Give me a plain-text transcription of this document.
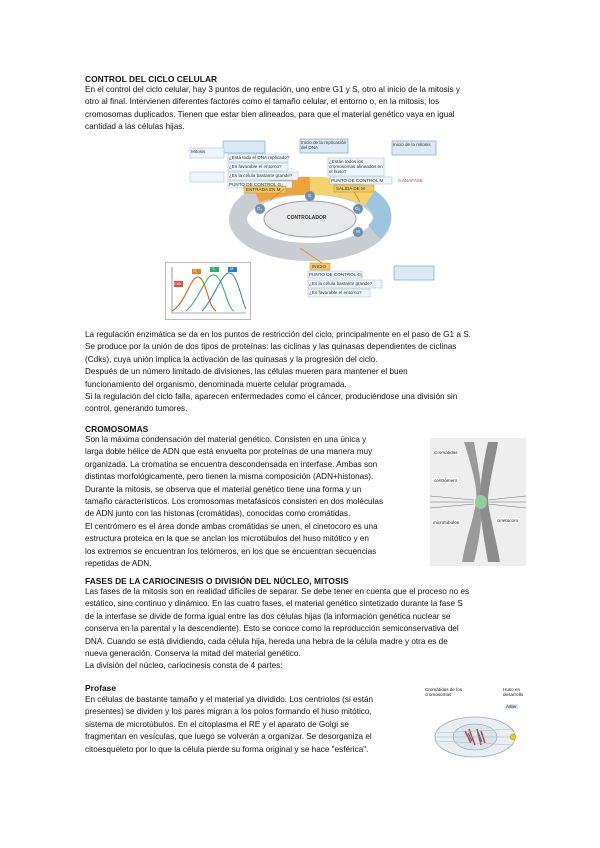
CONTROL DEL CICLO CELULAR
En el control del ciclo celular, hay 3 puntos de regulación, uno entre G1 y S, otro al inicio de la mitosis y
otro al final. Intervienen diferentes factores como el tamaño celular, el entorno o, en la mitosis, los
cromosomas duplicados. Tienen que estar bien alineados, para que el material genético vaya en igual
cantidad a las células hijas.
Mitosis
Inicio de la replicación del DNA
Inicio de la mitosis
¿Está todo el DNA replicado?
¿Es favorable el entorno?
¿Es la célula bastante grande?
¿Están todos los cromosomas alineados en el huso?
PUNTO DE CONTROL G₂
PUNTO DE CONTROL M	A ANAFASE
ENTRADA EN M	SALIDA DE M
CONTROLADOR
G₁
S
G₂
M
INICIO
PUNTO DE CONTROL G₁
¿Es la célula bastante grande?
¿Es favorable el entorno?
Cdk
G₁	S	M
La regulación enzimática se da en los puntos de restricción del ciclo, principalmente en el paso de G1 a S.
Se produce por la unión de dos tipos de proteínas: las ciclinas y las quinasas dependientes de ciclinas
(Cdks), cuya unión implica la activación de las quinasas y la progresión del ciclo.
Después de un número limitado de divisiones, las células mueren para mantener el buen
funcionamiento del organismo, denominada muerte celular programada.
Si la regulación del ciclo falla, aparecen enfermedades como el cáncer, produciéndose una división sin
control, generando tumores.
CROMOSOMAS
Son la máxima condensación del material genético. Consisten en una única y
larga doble hélice de ADN que está envuelta por proteínas de una manera muy
organizada. La cromatina se encuentra descondensada en interfase. Ambas son
distintas morfológicamente, pero tienen la misma composición (ADN+histonas).
Durante la mitosis, se observa que el material genético tiene una forma y un
tamaño característicos. Los cromosomas metafásicos consisten en dos moléculas
de ADN junto con las histonas (cromátidas), conocidas como cromátidas.
El centrómero es el área donde ambas cromátidas se unen, el cinetocoro es una
estructura proteica en la que se anclan los microtúbulos del huso mitótico y en
los extremos se encuentran los telómeros, en los que se encuentran secuencias
repetidas de ADN.
Cromátidas
centrómero
microtúbulos	cinetocoro
FASES DE LA CARIOCINESIS O DIVISIÓN DEL NÚCLEO, MITOSIS
Las fases de la mitosis son en realidad difíciles de separar. Se debe tener en cuenta que el proceso no es
estático, sino continuo y dinámico. En las cuatro fases, el material genético sintetizado durante la fase S
de la interfase se divide de forma igual entre las dos células hijas (la información genética nuclear se
conserva en la parental y la descendiente). Esto se conoce como la reproducción semiconservativa del
DNA. Cuando se está dividiendo, cada célula hija, hereda una hebra de la célula madre y otra es de
nueva generación. Conserva la mitad del material genético.
La división del núcleo, cariocinesis consta de 4 partes:
Profase
En células de bastante tamaño y el material ya dividido. Los centriolos (si están
presentes) se dividen y los pares migran a los polos formando el huso mitótico,
sistema de microtúbulos. En el citoplasma el RE y el aparato de Golgi se
fragmentan en vesículas, que luego se volverán a organizar. Se desorganiza el
citoesqueleto por lo que la célula pierde su forma original y se hace "esférica".
Cromátidas de los cromosomas
Huso en desarrollo
Aster
